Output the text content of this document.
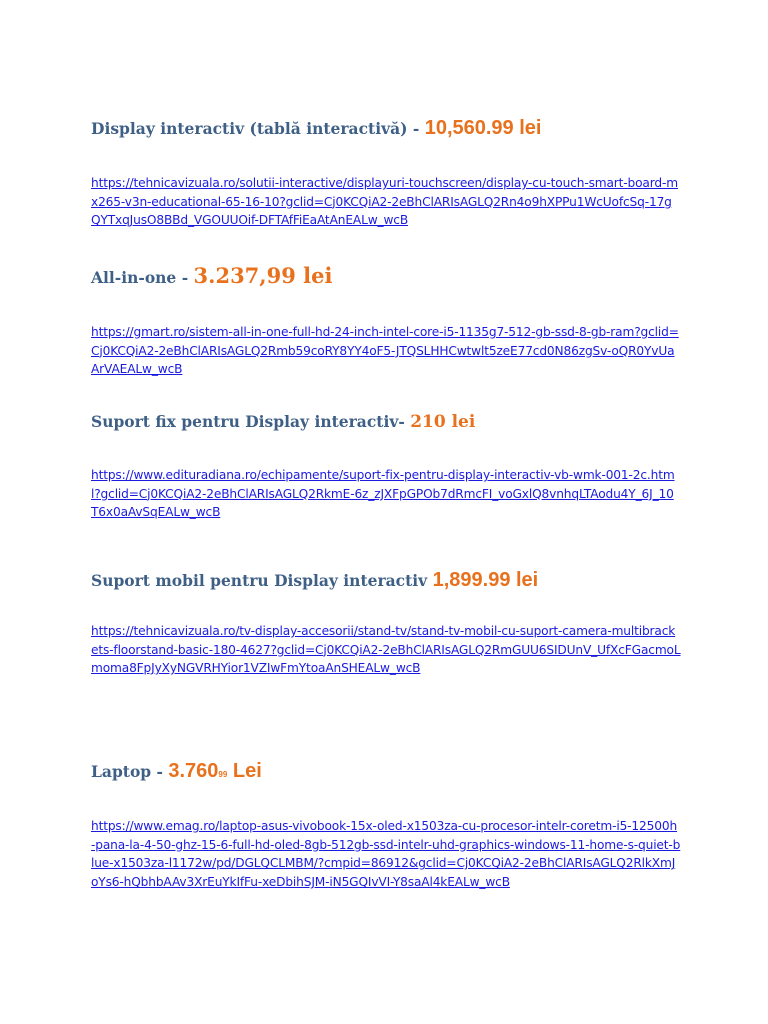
Display interactiv (tablă interactivă) - 10,560.99 lei

https://tehnicavizuala.ro/solutii-interactive/displayuri-touchscreen/display-cu-touch-smart-board-mx265-v3n-educational-65-16-10?gclid=Cj0KCQiA2-2eBhClARIsAGLQ2Rn4o9hXPPu1WcUofcSq-17gQYTxqJusO8BBd_VGOUUOif-DFTAfFiEaAtAnEALw_wcB

All-in-one - 3.237,99 lei

https://gmart.ro/sistem-all-in-one-full-hd-24-inch-intel-core-i5-1135g7-512-gb-ssd-8-gb-ram?gclid=Cj0KCQiA2-2eBhClARIsAGLQ2Rmb59coRY8YY4oF5-JTQSLHHCwtwlt5zeE77cd0N86zgSv-oQR0YvUaArVAEALw_wcB

Suport fix pentru Display interactiv- 210 lei

https://www.edituradiana.ro/echipamente/suport-fix-pentru-display-interactiv-vb-wmk-001-2c.html?gclid=Cj0KCQiA2-2eBhClARIsAGLQ2RkmE-6z_zJXFpGPOb7dRmcFI_voGxlQ8vnhqLTAodu4Y_6J_10T6x0aAvSqEALw_wcB

Suport mobil pentru Display interactiv 1,899.99 lei

https://tehnicavizuala.ro/tv-display-accesorii/stand-tv/stand-tv-mobil-cu-suport-camera-multibrackets-floorstand-basic-180-4627?gclid=Cj0KCQiA2-2eBhClARIsAGLQ2RmGUU6SIDUnV_UfXcFGacmoLmoma8FpJyXyNGVRHYior1VZIwFmYtoaAnSHEALw_wcB

Laptop - 3.760$^{99}$ Lei

https://www.emag.ro/laptop-asus-vivobook-15x-oled-x1503za-cu-procesor-intelr-coretm-i5-12500h-pana-la-4-50-ghz-15-6-full-hd-oled-8gb-512gb-ssd-intelr-uhd-graphics-windows-11-home-s-quiet-blue-x1503za-l1172w/pd/DGLQCLMBM/?cmpid=86912&gclid=Cj0KCQiA2-2eBhClARIsAGLQ2RlkXmJoYs6-hQbhbAAv3XrEuYkIfFu-xeDbihSJM-iN5GQIvVI-Y8saAl4kEALw_wcB
